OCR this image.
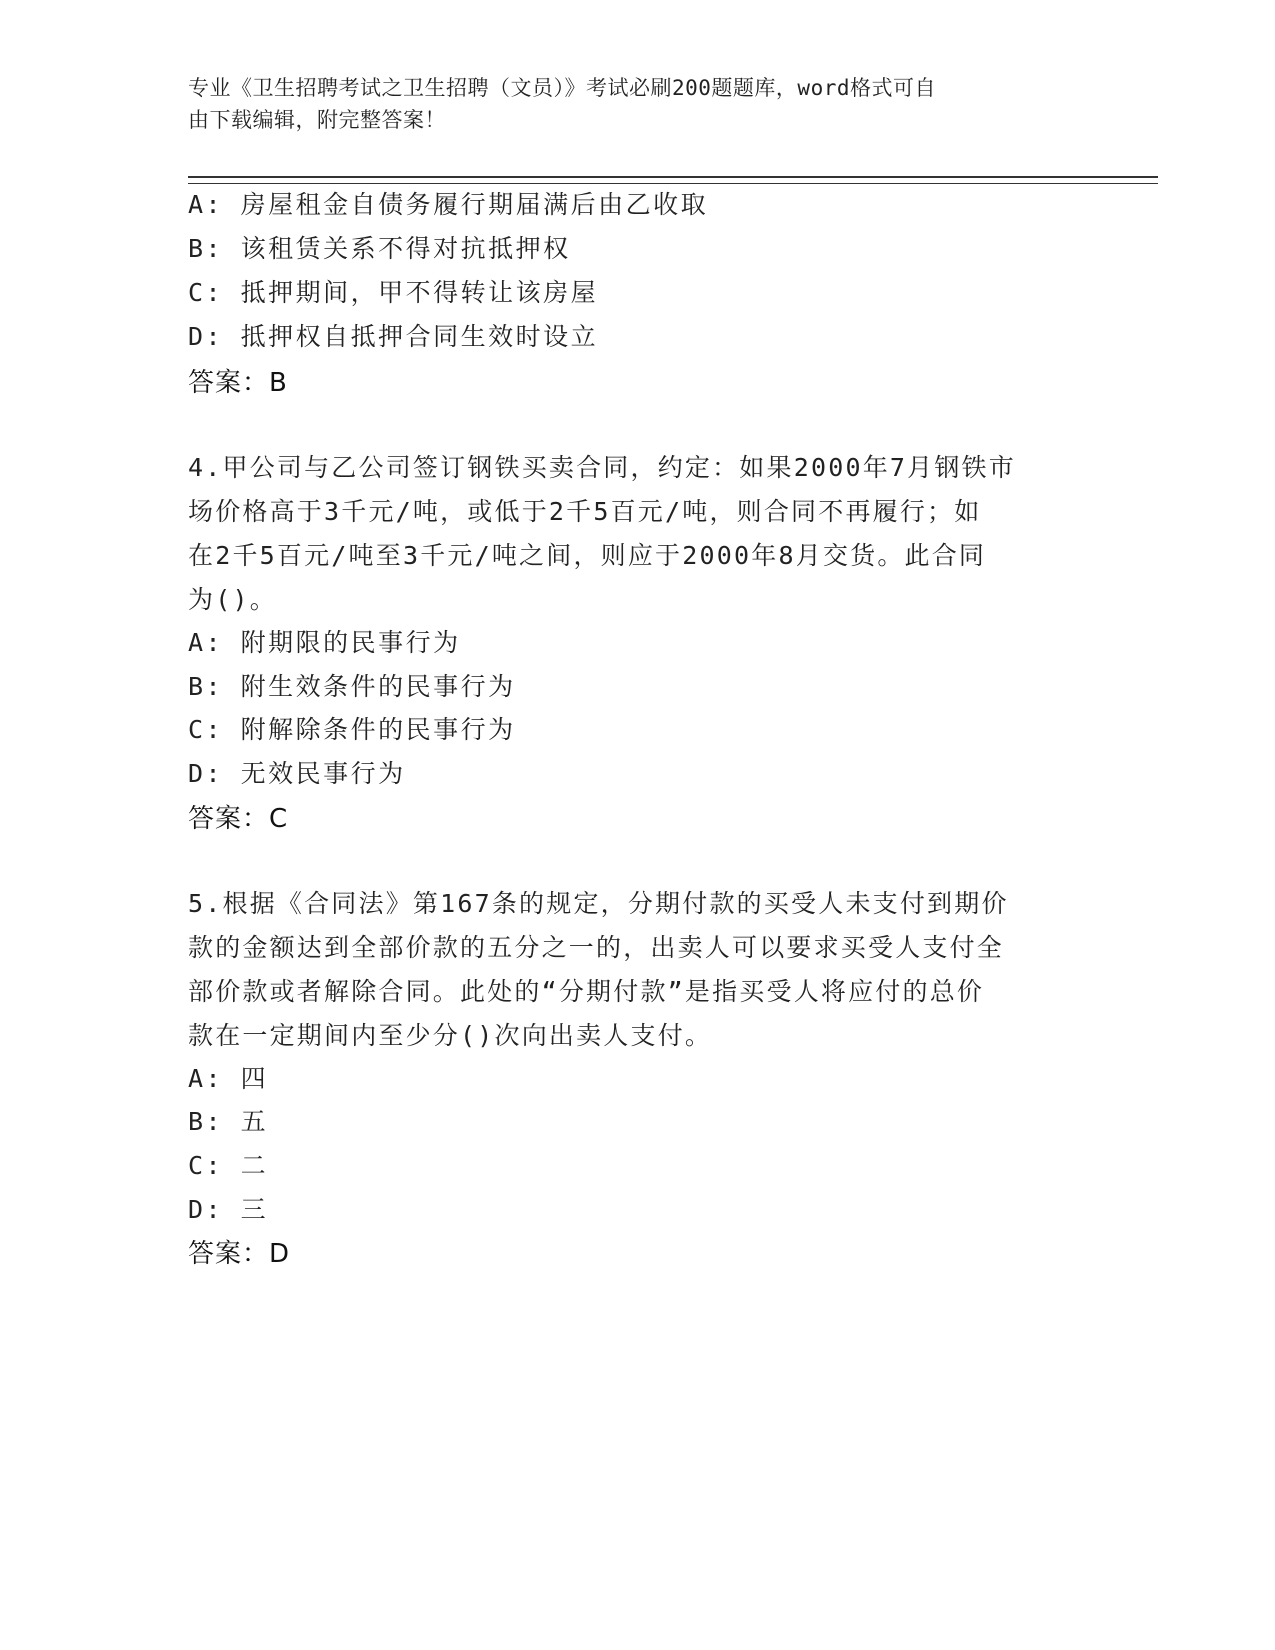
专业《卫生招聘考试之卫生招聘（文员）》考试必刷200题题库，word格式可自
由下载编辑，附完整答案！
A: 房屋租金自债务履行期届满后由乙收取
B: 该租赁关系不得对抗抵押权
C: 抵押期间，甲不得转让该房屋
D: 抵押权自抵押合同生效时设立
答案：B
4.甲公司与乙公司签订钢铁买卖合同，约定：如果2000年7月钢铁市
场价格高于3千元/吨，或低于2千5百元/吨，则合同不再履行；如
在2千5百元/吨至3千元/吨之间，则应于2000年8月交货。此合同
为()。
A: 附期限的民事行为
B: 附生效条件的民事行为
C: 附解除条件的民事行为
D: 无效民事行为
答案：C
5.根据《合同法》第167条的规定，分期付款的买受人未支付到期价
款的金额达到全部价款的五分之一的，出卖人可以要求买受人支付全
部价款或者解除合同。此处的“分期付款”是指买受人将应付的总价
款在一定期间内至少分()次向出卖人支付。
A: 四
B: 五
C: 二
D: 三
答案：D
